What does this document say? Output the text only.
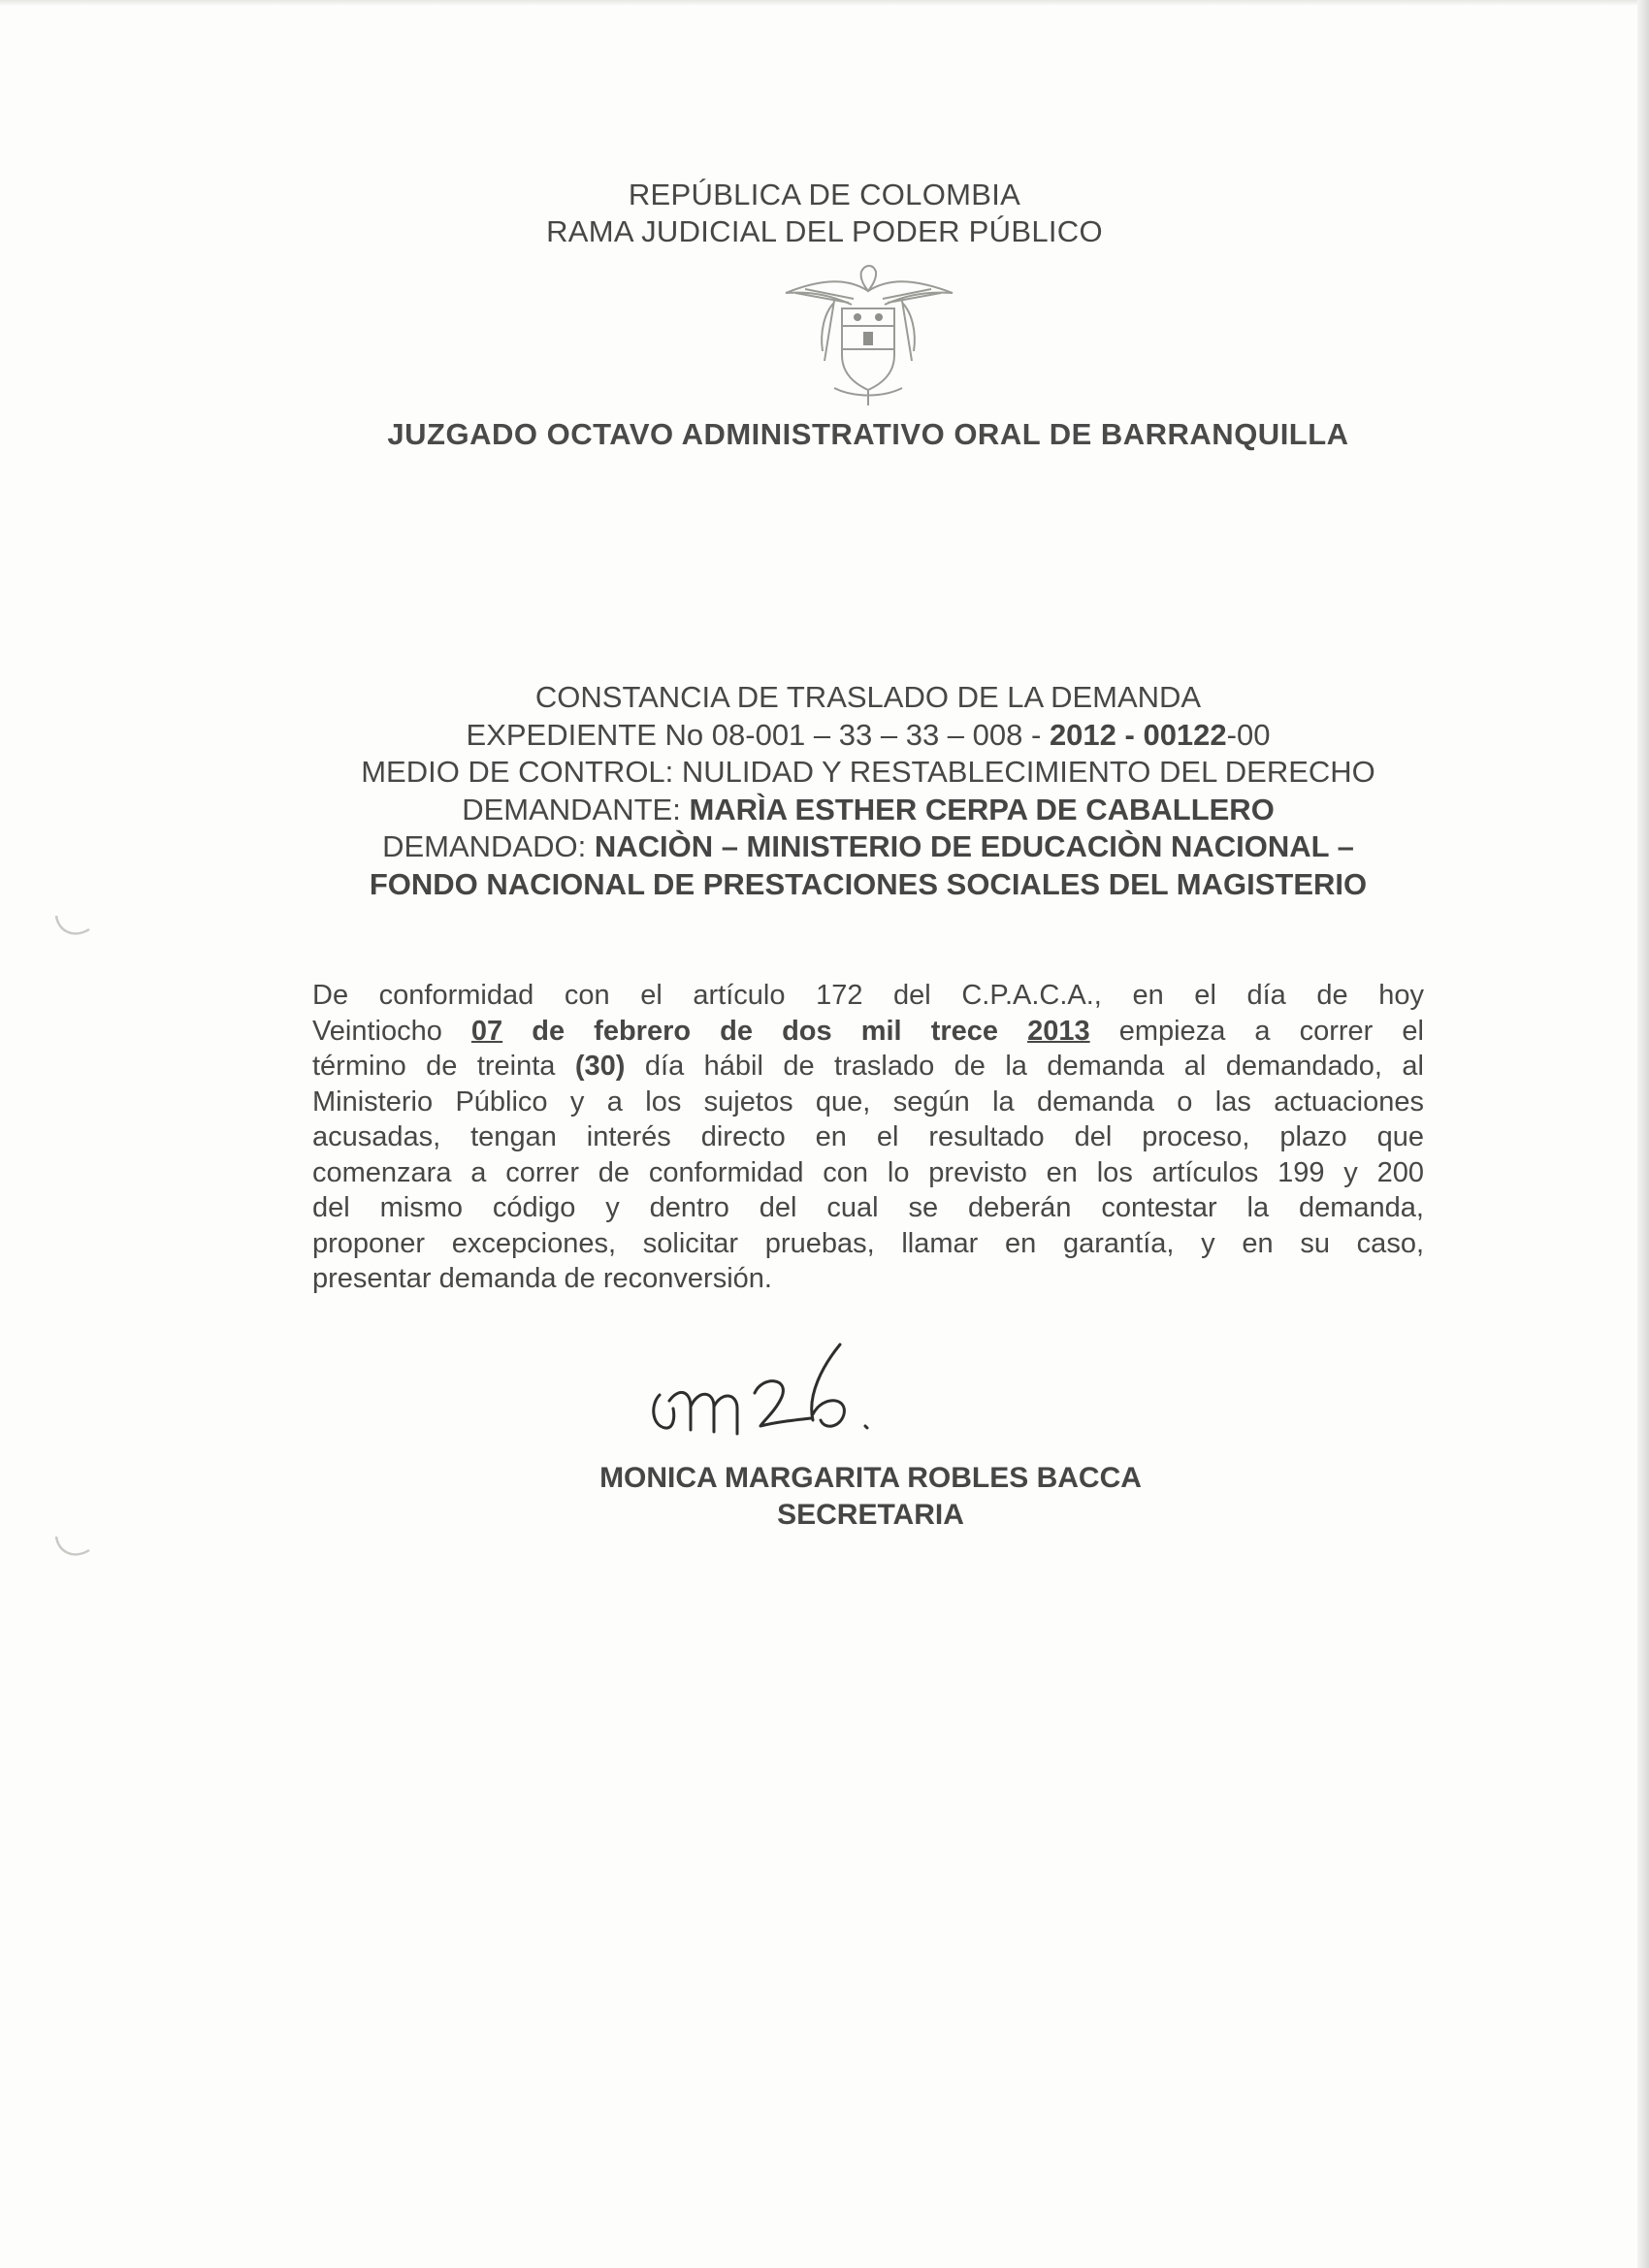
REPÚBLICA DE COLOMBIA
RAMA JUDICIAL DEL PODER PÚBLICO
JUZGADO OCTAVO ADMINISTRATIVO ORAL DE BARRANQUILLA
CONSTANCIA DE TRASLADO DE LA DEMANDA
EXPEDIENTE No 08-001 – 33 – 33 – 008 - 2012 - 00122-00
MEDIO DE CONTROL: NULIDAD Y RESTABLECIMIENTO DEL DERECHO
DEMANDANTE: MARÌA ESTHER CERPA DE CABALLERO
DEMANDADO: NACIÒN – MINISTERIO DE EDUCACIÒN NACIONAL –
FONDO NACIONAL DE PRESTACIONES SOCIALES DEL MAGISTERIO
De conformidad con el artículo 172 del C.P.A.C.A., en el día de hoy
Veintiocho 07 de febrero de dos mil trece 2013 empieza a correr el
término de treinta (30) día hábil de traslado de la demanda al demandado, al
Ministerio Público y a los sujetos que, según la demanda o las actuaciones
acusadas, tengan interés directo en el resultado del proceso, plazo que
comenzara a correr de conformidad con lo previsto en los artículos 199 y 200
del mismo código y dentro del cual se deberán contestar la demanda,
proponer excepciones, solicitar pruebas, llamar en garantía, y en su caso,
presentar demanda de reconversión.
MONICA MARGARITA ROBLES BACCA
SECRETARIA
